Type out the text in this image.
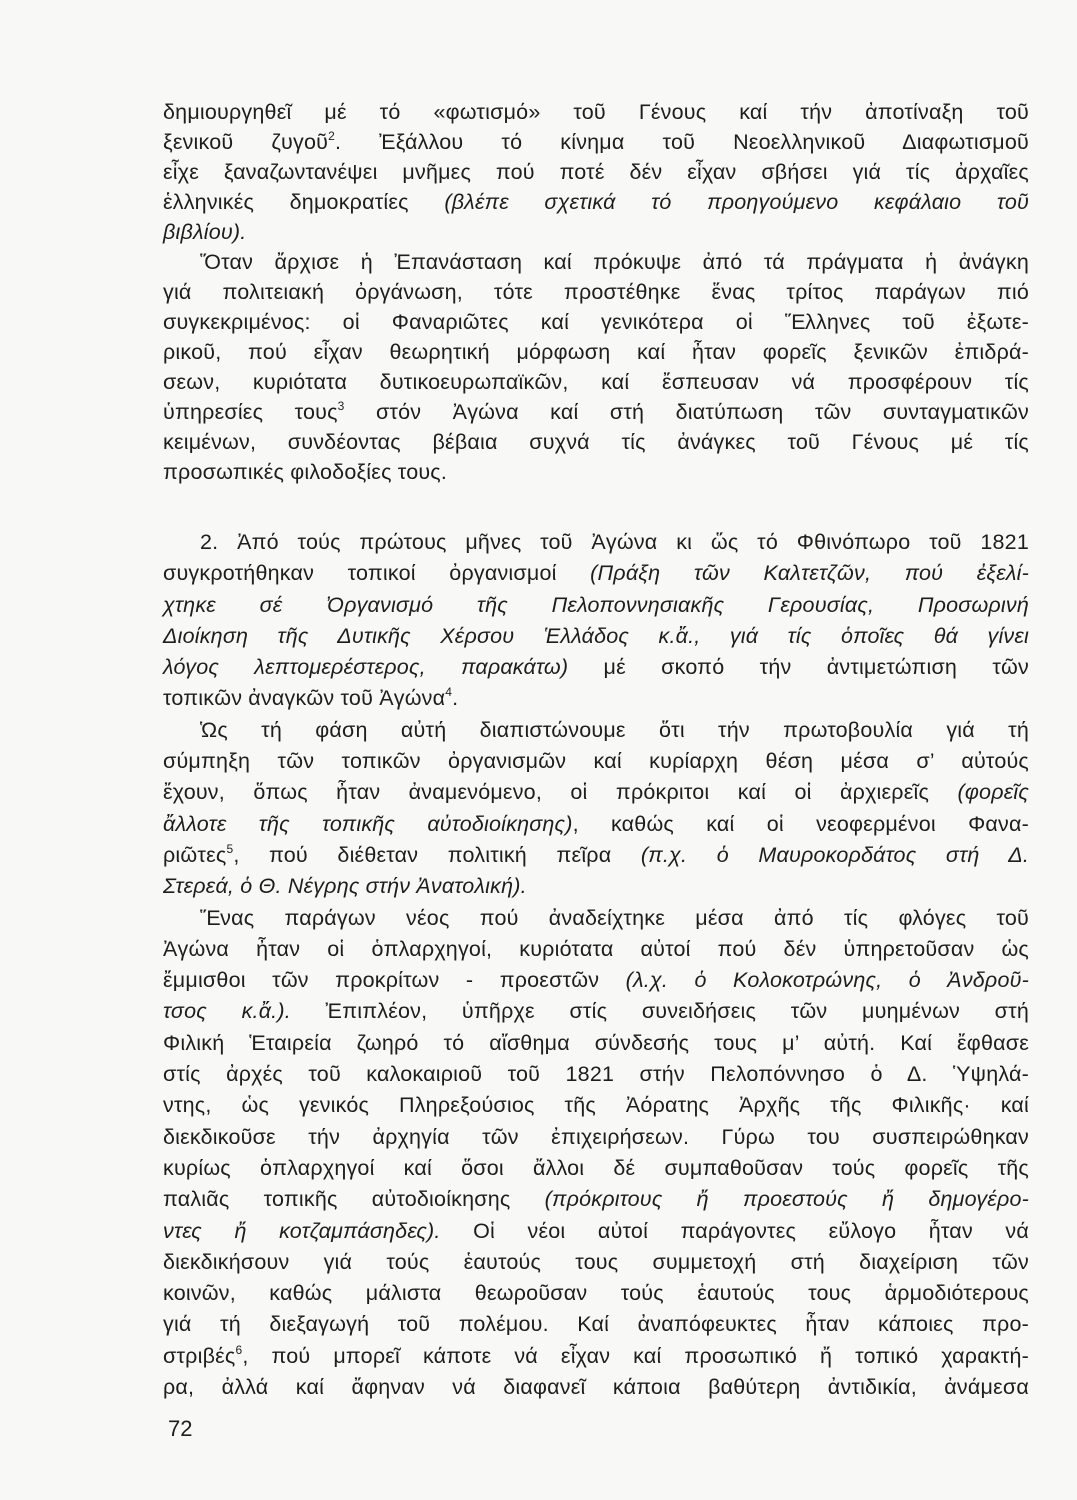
δημιουργηθεῖ μέ τό «φωτισμό» τοῦ Γένους καί τήν ἀποτίναξη τοῦ
ξενικοῦ ζυγοῦ$^2$. Ἐξάλλου τό κίνημα τοῦ Νεοελληνικοῦ Διαφωτισμοῦ
εἶχε ξαναζωντανέψει μνῆμες πού ποτέ δέν εἶχαν σβήσει γιά τίς ἀρχαῖες
ἑλληνικές δημοκρατίες (βλέπε σχετικά τό προηγούμενο κεφάλαιο τοῦ
βιβλίου).
Ὅταν ἄρχισε ἡ Ἐπανάσταση καί πρόκυψε ἀπό τά πράγματα ἡ ἀνάγκη
γιά πολιτειακή ὀργάνωση, τότε προστέθηκε ἕνας τρίτος παράγων πιό
συγκεκριμένος: οἱ Φαναριῶτες καί γενικότερα οἱ Ἕλληνες τοῦ ἐξωτε-
ρικοῦ, πού εἶχαν θεωρητική μόρφωση καί ἦταν φορεῖς ξενικῶν ἐπιδρά-
σεων, κυριότατα δυτικοευρωπαϊκῶν, καί ἔσπευσαν νά προσφέρουν τίς
ὑπηρεσίες τους$^3$ στόν Ἀγώνα καί στή διατύπωση τῶν συνταγματικῶν
κειμένων, συνδέοντας βέβαια συχνά τίς ἀνάγκες τοῦ Γένους μέ τίς
προσωπικές φιλοδοξίες τους.
2. Ἀπό τούς πρώτους μῆνες τοῦ Ἀγώνα κι ὥς τό Φθινόπωρο τοῦ 1821
συγκροτήθηκαν τοπικοί ὀργανισμοί (Πράξη τῶν Καλτετζῶν, πού ἐξελί-
χτηκε σέ Ὀργανισμό τῆς Πελοποννησιακῆς Γερουσίας, Προσωρινή
Διοίκηση τῆς Δυτικῆς Χέρσου Ἑλλάδος κ.ἄ., γιά τίς ὁποῖες θά γίνει
λόγος λεπτομερέστερος, παρακάτω) μέ σκοπό τήν ἀντιμετώπιση τῶν
τοπικῶν ἀναγκῶν τοῦ Ἀγώνα$^4$.
Ὡς τή φάση αὐτή διαπιστώνουμε ὅτι τήν πρωτοβουλία γιά τή
σύμπηξη τῶν τοπικῶν ὀργανισμῶν καί κυρίαρχη θέση μέσα σ’ αὐτούς
ἔχουν, ὅπως ἦταν ἀναμενόμενο, οἱ πρόκριτοι καί οἱ ἀρχιερεῖς (φορεῖς
ἄλλοτε τῆς τοπικῆς αὐτοδιοίκησης), καθώς καί οἱ νεοφερμένοι Φανα-
ριῶτες$^5$, πού διέθεταν πολιτική πεῖρα (π.χ. ὁ Μαυροκορδάτος στή Δ.
Στερεά, ὁ Θ. Νέγρης στήν Ἀνατολική).
Ἕνας παράγων νέος πού ἀναδείχτηκε μέσα ἀπό τίς φλόγες τοῦ
Ἀγώνα ἦταν οἱ ὁπλαρχηγοί, κυριότατα αὐτοί πού δέν ὑπηρετοῦσαν ὡς
ἔμμισθοι τῶν προκρίτων - προεστῶν (λ.χ. ὁ Κολοκοτρώνης, ὁ Ἀνδροῦ-
τσος κ.ἄ.). Ἐπιπλέον, ὑπῆρχε στίς συνειδήσεις τῶν μυημένων στή
Φιλική Ἑταιρεία ζωηρό τό αἴσθημα σύνδεσής τους μ’ αὐτή. Καί ἔφθασε
στίς ἀρχές τοῦ καλοκαιριοῦ τοῦ 1821 στήν Πελοπόννησο ὁ Δ. Ὑψηλά-
ντης, ὡς γενικός Πληρεξούσιος τῆς Ἀόρατης Ἀρχῆς τῆς Φιλικῆς· καί
διεκδικοῦσε τήν ἀρχηγία τῶν ἐπιχειρήσεων. Γύρω του συσπειρώθηκαν
κυρίως ὁπλαρχηγοί καί ὅσοι ἄλλοι δέ συμπαθοῦσαν τούς φορεῖς τῆς
παλιᾶς τοπικῆς αὐτοδιοίκησης (πρόκριτους ἤ προεστούς ἤ δημογέρο-
ντες ἤ κοτζαμπάσηδες). Οἱ νέοι αὐτοί παράγοντες εὔλογο ἦταν νά
διεκδικήσουν γιά τούς ἑαυτούς τους συμμετοχή στή διαχείριση τῶν
κοινῶν, καθώς μάλιστα θεωροῦσαν τούς ἑαυτούς τους ἁρμοδιότερους
γιά τή διεξαγωγή τοῦ πολέμου. Καί ἀναπόφευκτες ἦταν κάποιες προ-
στριβές$^6$, πού μπορεῖ κάποτε νά εἶχαν καί προσωπικό ἤ τοπικό χαρακτή-
ρα, ἀλλά καί ἄφηναν νά διαφανεῖ κάποια βαθύτερη ἀντιδικία, ἀνάμεσα
72
